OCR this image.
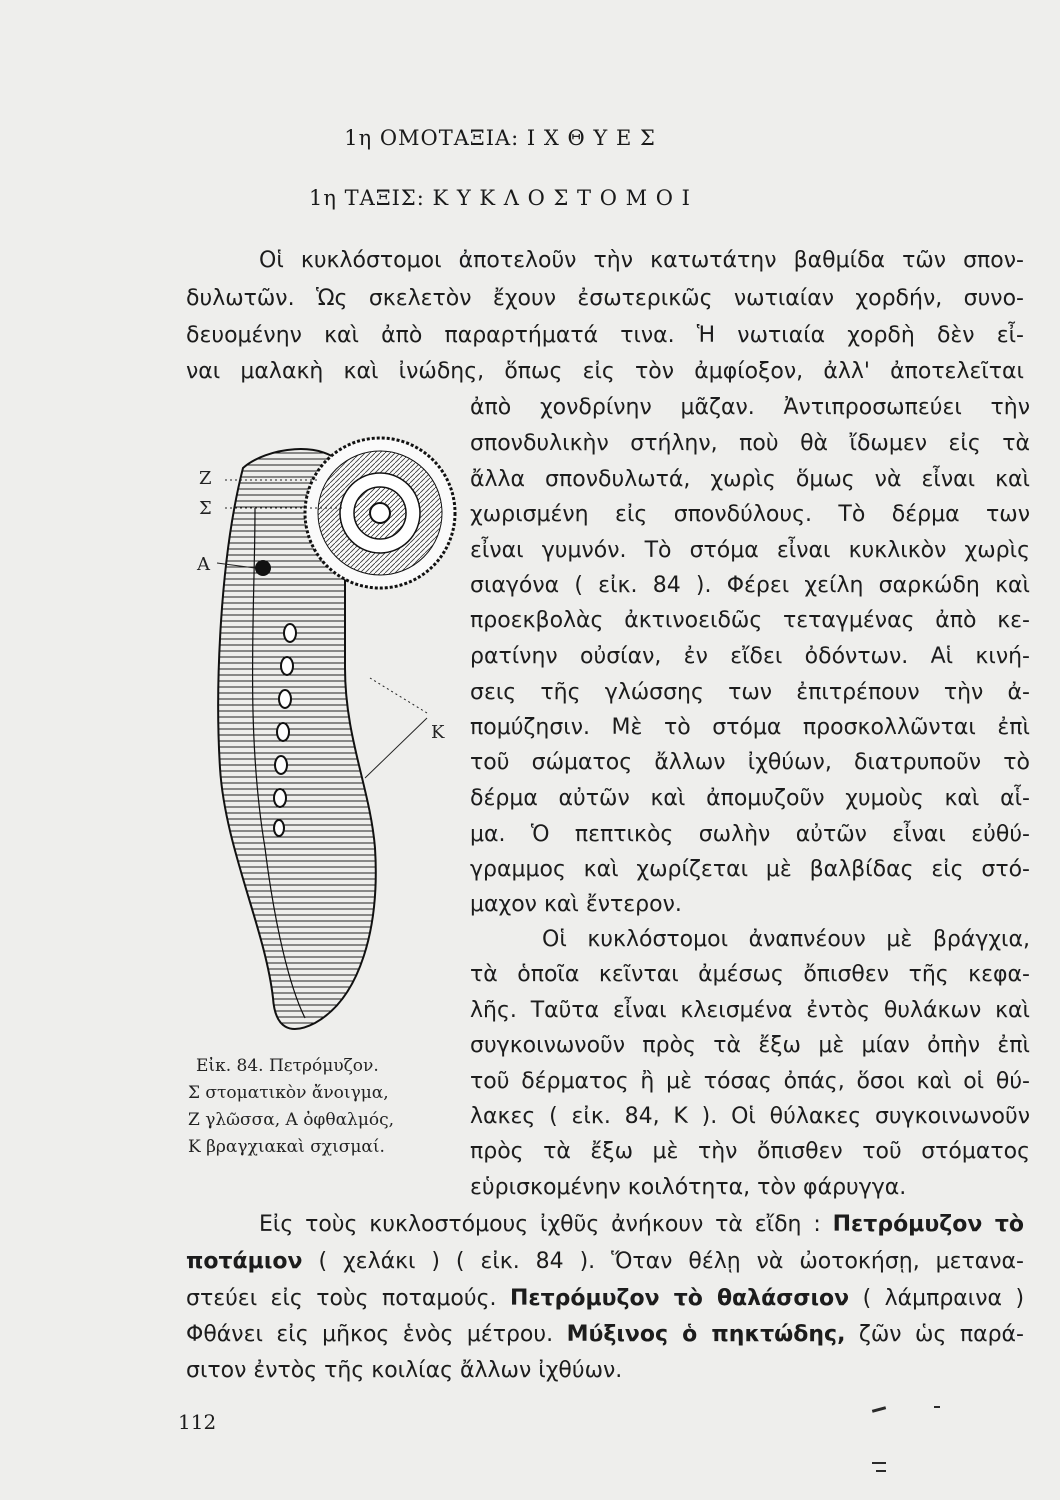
1η ΟΜΟΤΑΞΙΑ: Ι Χ Θ Υ Ε Σ
1η ΤΑΞΙΣ: Κ Υ Κ Λ Ο Σ Τ Ο Μ Ο Ι
Οἱ κυκλόστομοι ἀποτελοῦν τὴν κατωτάτην βαθμίδα τῶν σπον-
δυλωτῶν. Ὡς σκελετὸν ἔχουν ἐσωτερικῶς νωτιαίαν χορδήν, συνο-
δευομένην καὶ ἀπὸ παραρτήματά τινα. Ἡ νωτιαία χορδὴ δὲν εἶ-
ναι μαλακὴ καὶ ἰνώδης, ὅπως εἰς τὸν ἀμφίοξον, ἀλλ' ἀποτελεῖται
ἀπὸ χονδρίνην μᾶζαν. Ἀντιπροσωπεύει τὴν
σπονδυλικὴν στήλην, ποὺ θὰ ἴδωμεν εἰς τὰ
ἄλλα σπονδυλωτά, χωρὶς ὅμως νὰ εἶναι καὶ
χωρισμένη εἰς σπονδύλους. Τὸ δέρμα των
εἶναι γυμνόν. Τὸ στόμα εἶναι κυκλικὸν χωρὶς
σιαγόνα ( εἰκ. 84 ). Φέρει χείλη σαρκώδη καὶ
προεκβολὰς ἀκτινοειδῶς τεταγμένας ἀπὸ κε-
ρατίνην οὐσίαν, ἐν εἴδει ὀδόντων. Αἱ κινή-
σεις τῆς γλώσσης των ἐπιτρέπουν τὴν ἀ-
πομύζησιν. Μὲ τὸ στόμα προσκολλῶνται ἐπὶ
τοῦ σώματος ἄλλων ἰχθύων, διατρυποῦν τὸ
δέρμα αὐτῶν καὶ ἀπομυζοῦν χυμοὺς καὶ αἷ-
μα. Ὁ πεπτικὸς σωλὴν αὐτῶν εἶναι εὐθύ-
γραμμος καὶ χωρίζεται μὲ βαλβίδας εἰς στό-
μαχον καὶ ἔντερον.
Οἱ κυκλόστομοι ἀναπνέουν μὲ βράγχια,
τὰ ὁποῖα κεῖνται ἀμέσως ὄπισθεν τῆς κεφα-
λῆς. Ταῦτα εἶναι κλεισμένα ἐντὸς θυλάκων καὶ
συγκοινωνοῦν πρὸς τὰ ἔξω μὲ μίαν ὀπὴν ἐπὶ
τοῦ δέρματος ἢ μὲ τόσας ὀπάς, ὅσοι καὶ οἱ θύ-
λακες ( εἰκ. 84, Κ ). Οἱ θύλακες συγκοινωνοῦν
πρὸς τὰ ἔξω μὲ τὴν ὄπισθεν τοῦ στόματος
εὑρισκομένην κοιλότητα, τὸν φάρυγγα.
Εἰς τοὺς κυκλοστόμους ἰχθῦς ἀνήκουν τὰ εἴδη : Πετρόμυζον τὸ
ποτάμιον ( χελάκι ) ( εἰκ. 84 ). Ὅταν θέλῃ νὰ ὠοτοκήσῃ, μετανα-
στεύει εἰς τοὺς ποταμούς. Πετρόμυζον τὸ θαλάσσιον ( λάμπραινα )
Φθάνει εἰς μῆκος ἑνὸς μέτρου. Μύξινος ὁ πηκτώδης, ζῶν ὡς παρά-
σιτον ἐντὸς τῆς κοιλίας ἄλλων ἰχθύων.
Ζ
Σ
Α
Κ
Εἰκ. 84. Πετρόμυζον.
Σ στοματικὸν ἄνοιγμα,
Ζ γλῶσσα, Α ὀφθαλμός,
Κ βραγχιακαὶ σχισμαί.
112
